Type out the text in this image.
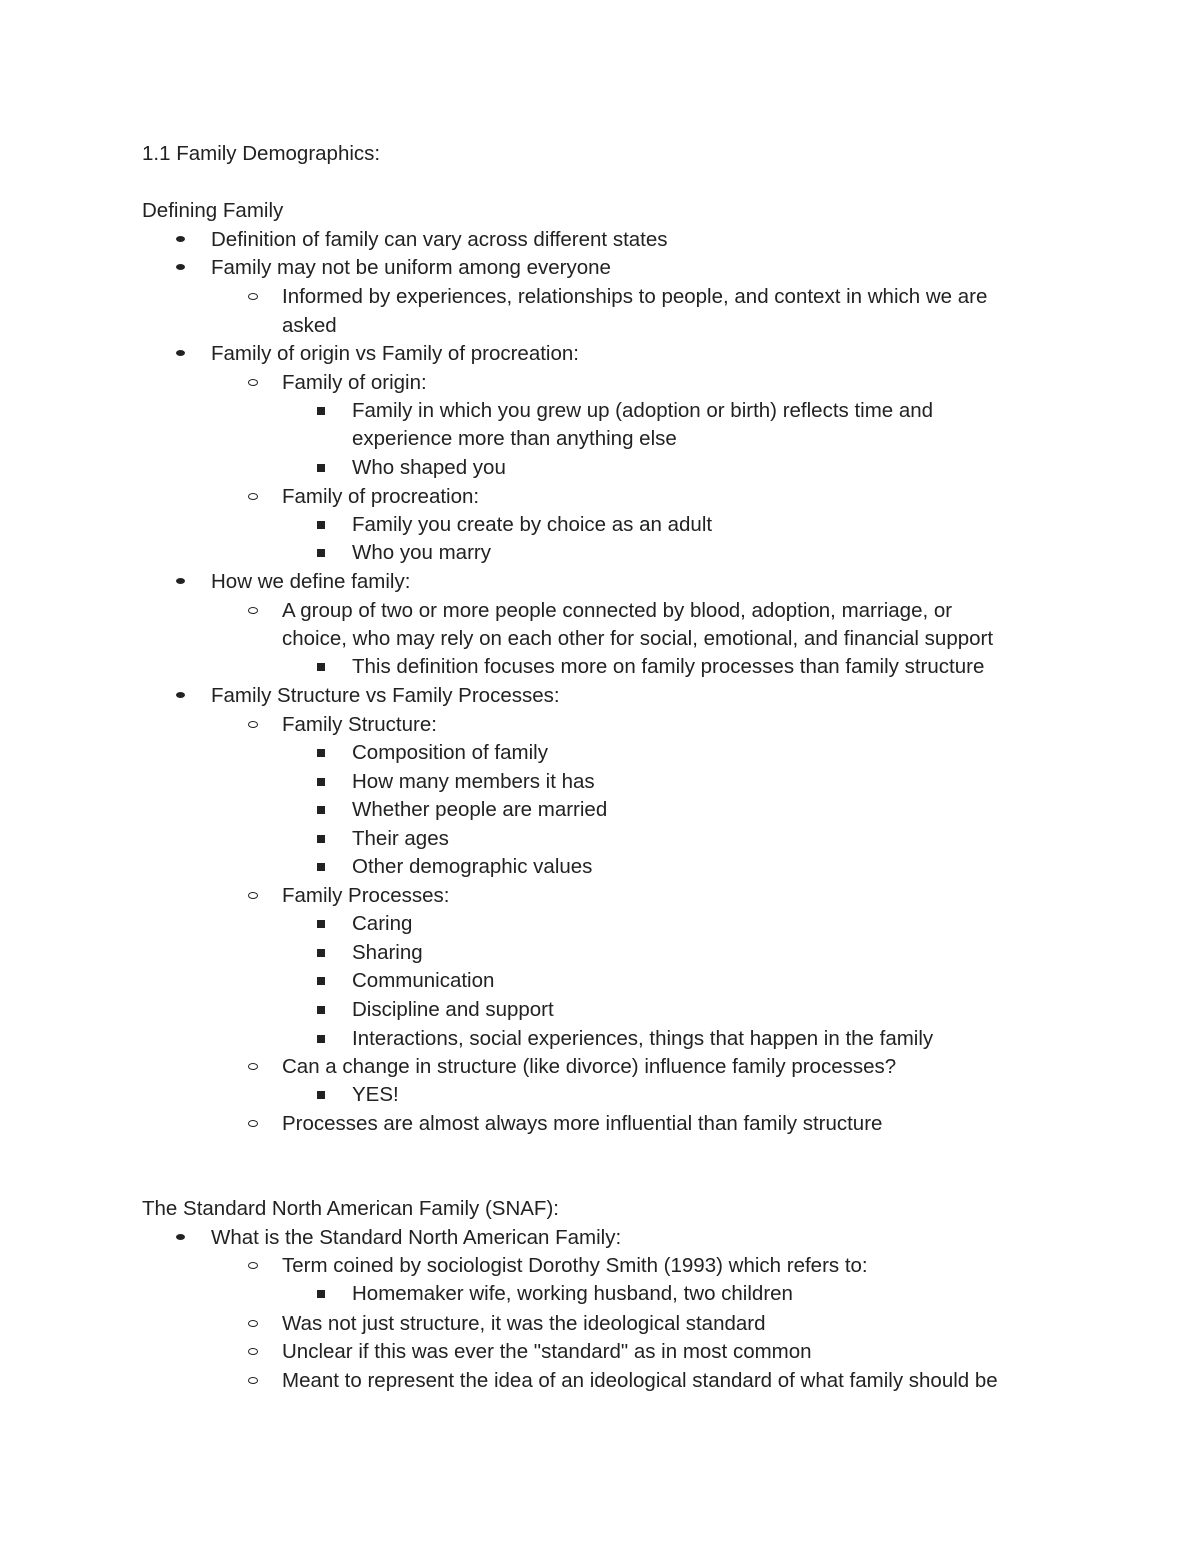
1.1 Family Demographics:
Defining Family
Definition of family can vary across different states
Family may not be uniform among everyone
Informed by experiences, relationships to people, and context in which we are
asked
Family of origin vs Family of procreation:
Family of origin:
Family in which you grew up (adoption or birth) reflects time and
experience more than anything else
Who shaped you
Family of procreation:
Family you create by choice as an adult
Who you marry
How we define family:
A group of two or more people connected by blood, adoption, marriage, or
choice, who may rely on each other for social, emotional, and financial support
This definition focuses more on family processes than family structure
Family Structure vs Family Processes:
Family Structure:
Composition of family
How many members it has
Whether people are married
Their ages
Other demographic values
Family Processes:
Caring
Sharing
Communication
Discipline and support
Interactions, social experiences, things that happen in the family
Can a change in structure (like divorce) influence family processes?
YES!
Processes are almost always more influential than family structure
The Standard North American Family (SNAF):
What is the Standard North American Family:
Term coined by sociologist Dorothy Smith (1993) which refers to:
Homemaker wife, working husband, two children
Was not just structure, it was the ideological standard
Unclear if this was ever the "standard" as in most common
Meant to represent the idea of an ideological standard of what family should be
